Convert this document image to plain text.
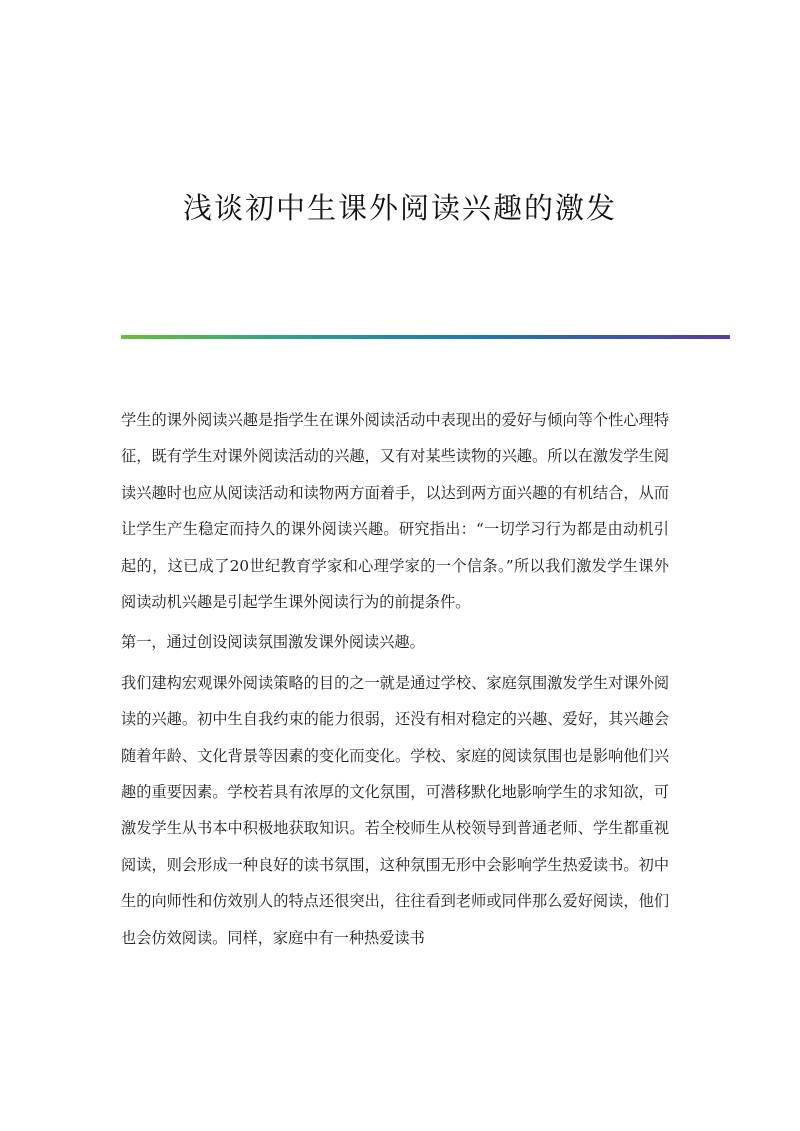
浅谈初中生课外阅读兴趣的激发

学生的课外阅读兴趣是指学生在课外阅读活动中表现出的爱好与倾向等个性心理特征，既有学生对课外阅读活动的兴趣，又有对某些读物的兴趣。所以在激发学生阅读兴趣时也应从阅读活动和读物两方面着手，以达到两方面兴趣的有机结合，从而让学生产生稳定而持久的课外阅读兴趣。研究指出：“一切学习行为都是由动机引起的，这已成了20世纪教育学家和心理学家的一个信条。”所以我们激发学生课外阅读动机兴趣是引起学生课外阅读行为的前提条件。

第一，通过创设阅读氛围激发课外阅读兴趣。

我们建构宏观课外阅读策略的目的之一就是通过学校、家庭氛围激发学生对课外阅读的兴趣。初中生自我约束的能力很弱，还没有相对稳定的兴趣、爱好，其兴趣会随着年龄、文化背景等因素的变化而变化。学校、家庭的阅读氛围也是影响他们兴趣的重要因素。学校若具有浓厚的文化氛围，可潜移默化地影响学生的求知欲，可激发学生从书本中积极地获取知识。若全校师生从校领导到普通老师、学生都重视阅读，则会形成一种良好的读书氛围，这种氛围无形中会影响学生热爱读书。初中生的向师性和仿效别人的特点还很突出，往往看到老师或同伴那么爱好阅读，他们也会仿效阅读。同样，家庭中有一种热爱读书
